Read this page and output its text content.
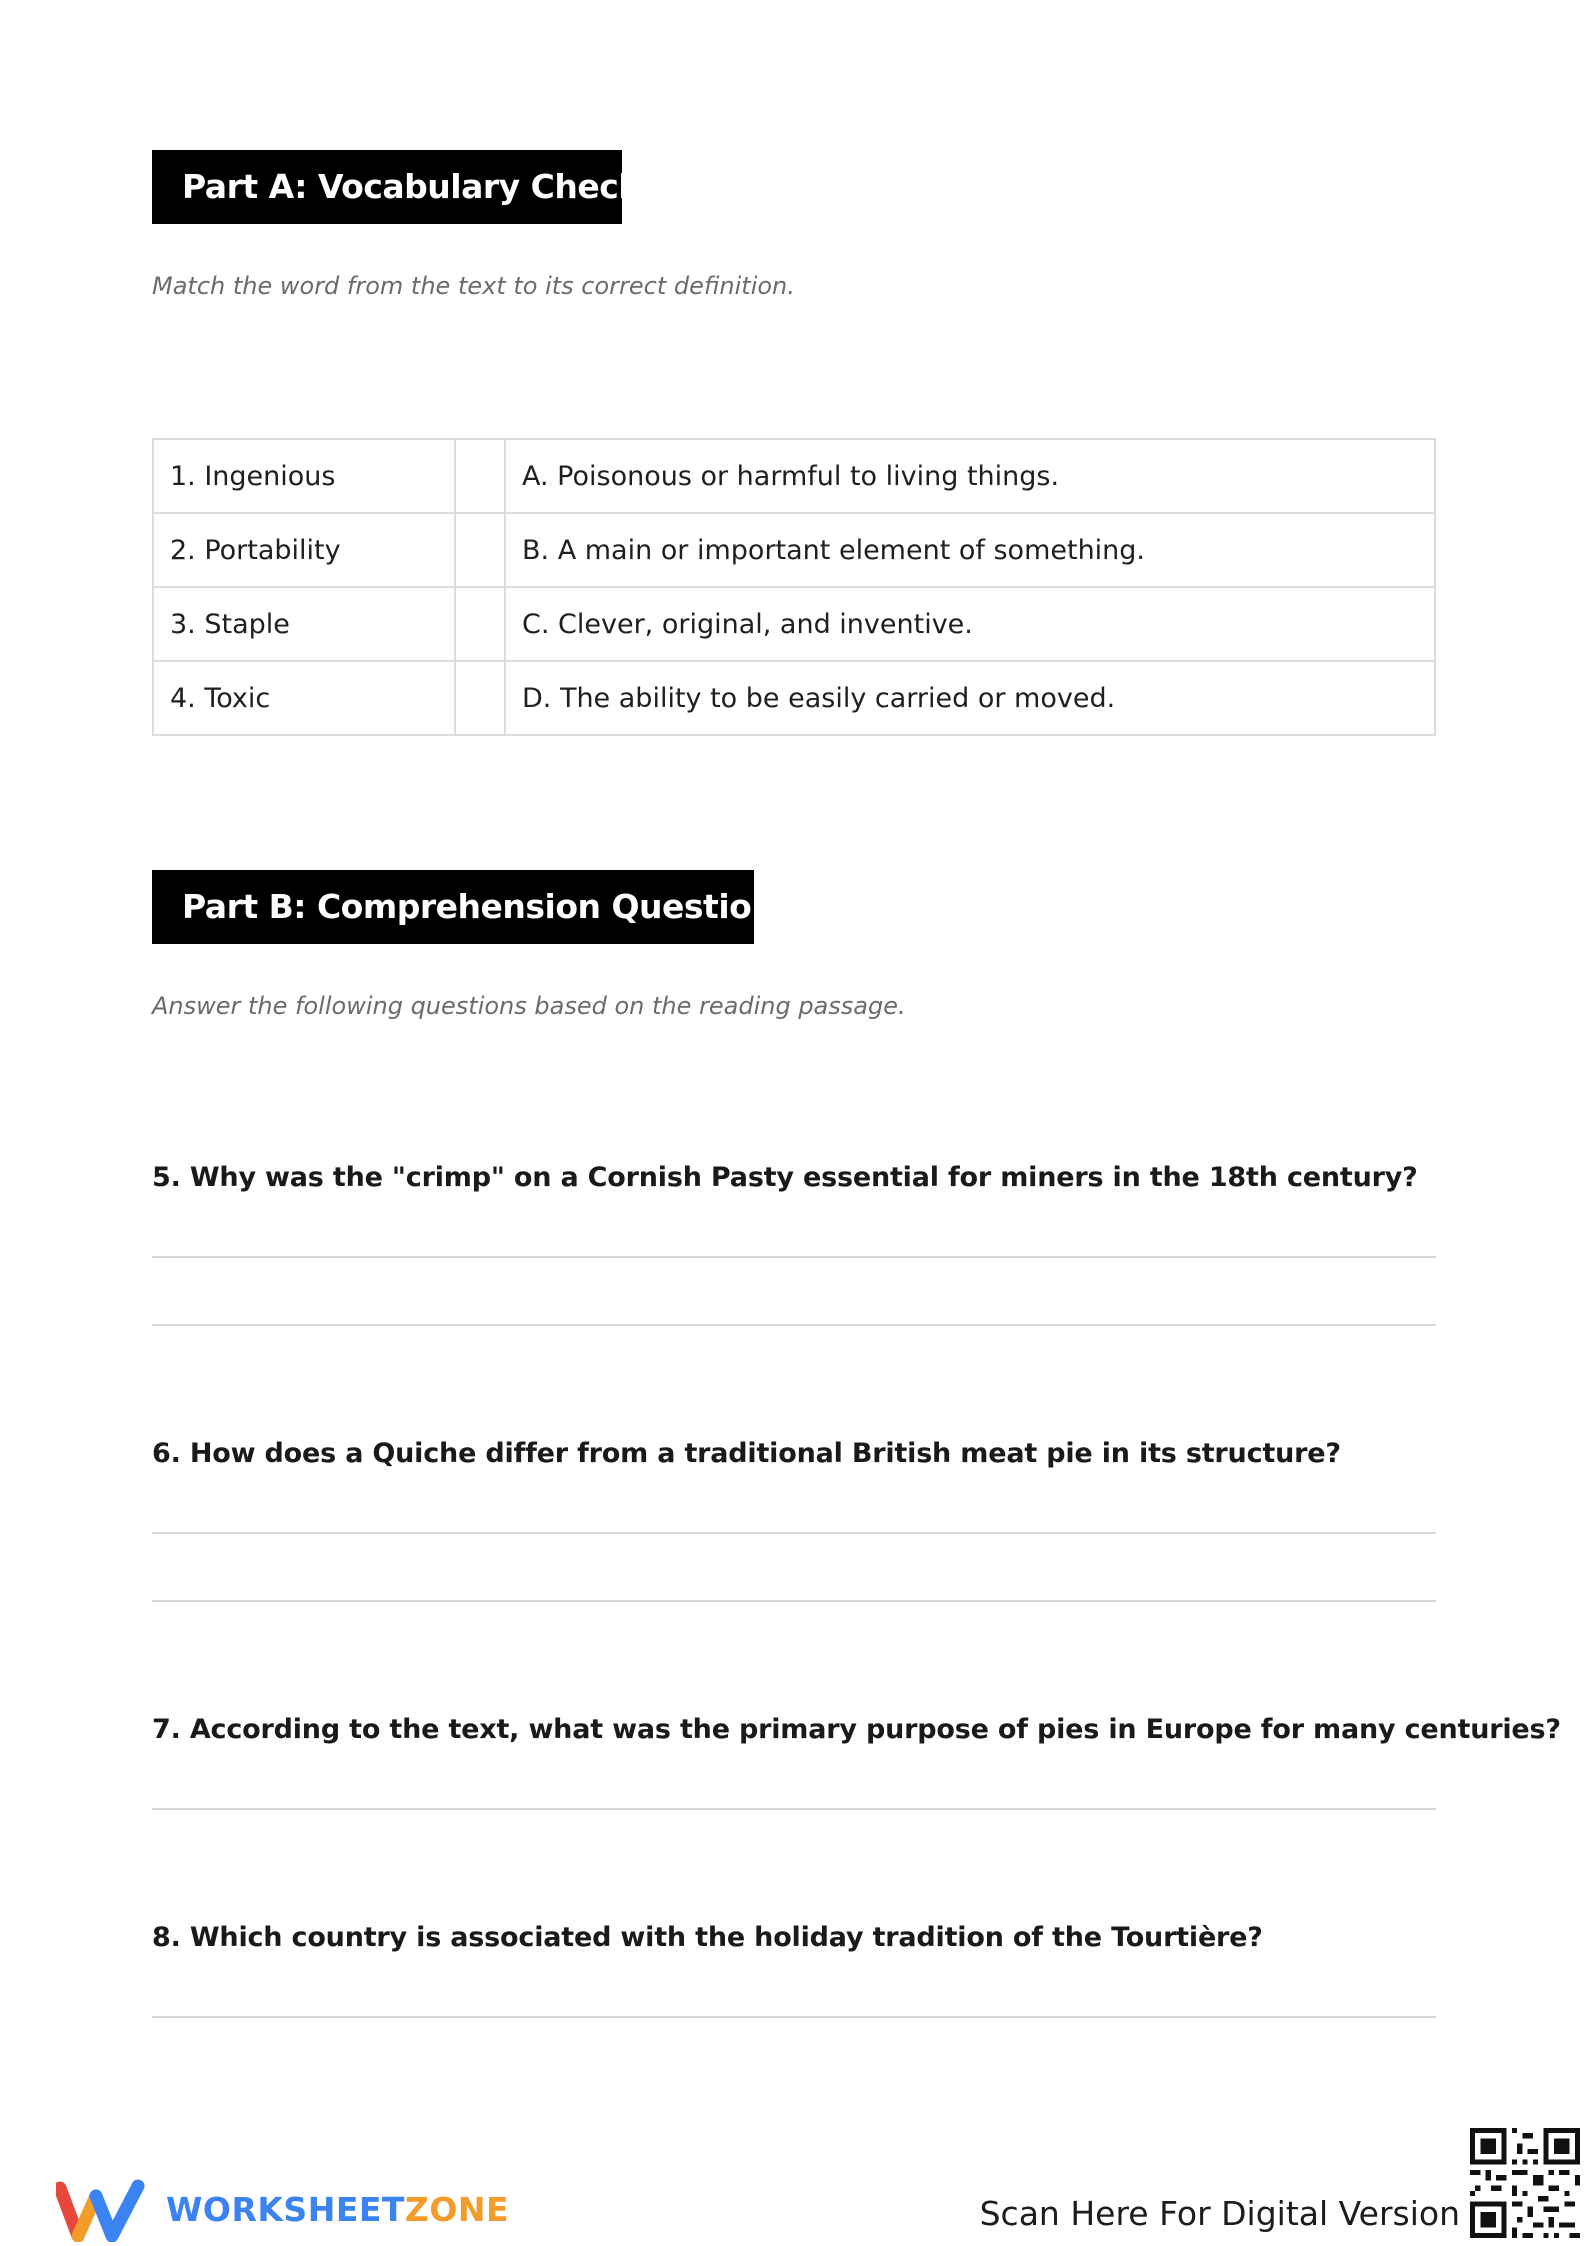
Part A: Vocabulary Check
Match the word from the text to its correct definition.
1. Ingenious		A. Poisonous or harmful to living things.
2. Portability		B. A main or important element of something.
3. Staple		C. Clever, original, and inventive.
4. Toxic		D. The ability to be easily carried or moved.
Part B: Comprehension Questions
Answer the following questions based on the reading passage.
5. Why was the "crimp" on a Cornish Pasty essential for miners in the 18th century?
6. How does a Quiche differ from a traditional British meat pie in its structure?
7. According to the text, what was the primary purpose of pies in Europe for many centuries?
8. Which country is associated with the holiday tradition of the Tourtière?
WORKSHEETZONE	Scan Here For Digital Version
